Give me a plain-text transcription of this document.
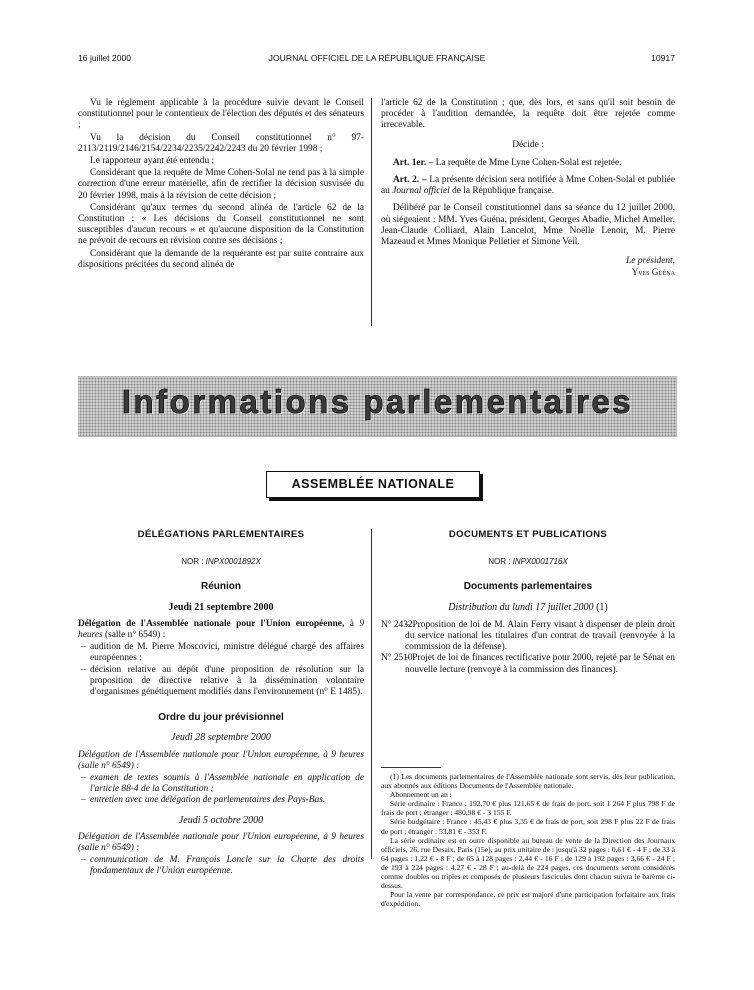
16 juillet 2000	JOURNAL OFFICIEL DE LA RÉPUBLIQUE FRANÇAISE	10917

Vu le règlement applicable à la procédure suivie devant le Conseil constitutionnel pour le contentieux de l'élection des députés et des sénateurs ;

Vu la décision du Conseil constitutionnel n° 97-2113/2119/2146/2154/2234/2235/2242/2243 du 20 février 1998 ;

Le rapporteur ayant été entendu ;

Considérant que la requête de Mme Cohen-Solal ne tend pas à la simple correction d'une erreur matérielle, afin de rectifier la décision susvisée du 20 février 1998, mais à la révision de cette décision ;

Considérant qu'aux termes du second alinéa de l'article 62 de la Constitution : « Les décisions du Conseil constitutionnel ne sont susceptibles d'aucun recours » et qu'aucune disposition de la Constitution ne prévoit de recours en révision contre ses décisions ;

Considérant que la demande de la requérante est par suite contraire aux dispositions précitées du second alinéa de

l'article 62 de la Constitution ; que, dès lors, et sans qu'il soit besoin de procéder à l'audition demandée, la requête doit être rejetée comme irrecevable.

Décide :

Art. 1er. – La requête de Mme Lyne Cohen-Solal est rejetée.

Art. 2. – La présente décision sera notifiée à Mme Cohen-Solal et publiée au Journal officiel de la République française.

Délibéré par le Conseil constitutionnel dans sa séance du 12 juillet 2000, où siégeaient : MM. Yves Guéna, président, Georges Abadie, Michel Ameller, Jean-Claude Colliard, Alain Lancelot, Mme Noëlle Lenoir, M. Pierre Mazeaud et Mmes Monique Pelletier et Simone Veil.

Le président,
Yves Guéna
Informations parlementaires
ASSEMBLÉE NATIONALE
DÉLÉGATIONS PARLEMENTAIRES
NOR : INPX0001892X
Réunion
Jeudi 21 septembre 2000

Délégation de l'Assemblée nationale pour l'Union européenne, à 9 heures (salle n° 6549) :

– audition de M. Pierre Moscovici, ministre délégué chargé des affaires européennes ;
– décision relative au dépôt d'une proposition de résolution sur la proposition de directive relative à la dissémination volontaire d'organismes génétiquement modifiés dans l'environnement (n° E 1485).
Ordre du jour prévisionnel
Jeudi 28 septembre 2000

Délégation de l'Assemblée nationale pour l'Union européenne, à 9 heures (salle n° 6549) :

– examen de textes soumis à l'Assemblée nationale en application de l'article 88-4 de la Constitution ;
– entretien avec une délégation de parlementaires des Pays-Bas.
Jeudi 5 octobre 2000

Délégation de l'Assemblée nationale pour l'Union européenne, à 9 heures (salle n° 6549) :

– communication de M. François Loncle sur la Charte des droits fondamentaux de l'Union européenne.
DOCUMENTS ET PUBLICATIONS
NOR : INPX0001716X
Documents parlementaires
Distribution du lundi 17 juillet 2000 (1)
N° 2432.
– Proposition de loi de M. Alain Ferry visant à dispenser de plein droit du service national les titulaires d'un contrat de travail (renvoyée à la commission de la défense).
N° 2510.
– Projet de loi de finances rectificative pour 2000, rejeté par le Sénat en nouvelle lecture (renvoyé à la commission des finances).

(1) Les documents parlementaires de l'Assemblée nationale sont servis, dès leur publication, aux abonnés aux éditions Documents de l'Assemblée nationale.

Abonnement un an :

Série ordinaire : France : 192,70 € plus 121,65 € de frais de port, soit 1 264 F plus 798 F de frais de port ; étranger : 480,98 € - 3 155 F.

Série budgétaire : France : 45,43 € plus 3,35 € de frais de port, soit 298 F plus 22 F de frais de port ; étranger : 53,81 € - 353 F.

La série ordinaire est en outre disponible au bureau de vente de la Direction des Journaux officiels, 26, rue Desaix, Paris (15e), au prix unitaire de : jusqu'à 32 pages : 0,61 € - 4 F ; de 33 à 64 pages : 1,22 € - 8 F ; de 65 à 128 pages : 2,44 € - 16 F ; de 129 à 192 pages : 3,66 € - 24 F ; de 193 à 224 pages : 4,27 € - 28 F ; au-delà de 224 pages, ces documents seront considérés comme doubles ou triples et composés de plusieurs fascicules dont chacun suivra le barème ci-dessus.

Pour la vente par correspondance, ce prix est majoré d'une participation forfaitaire aux frais d'expédition.
